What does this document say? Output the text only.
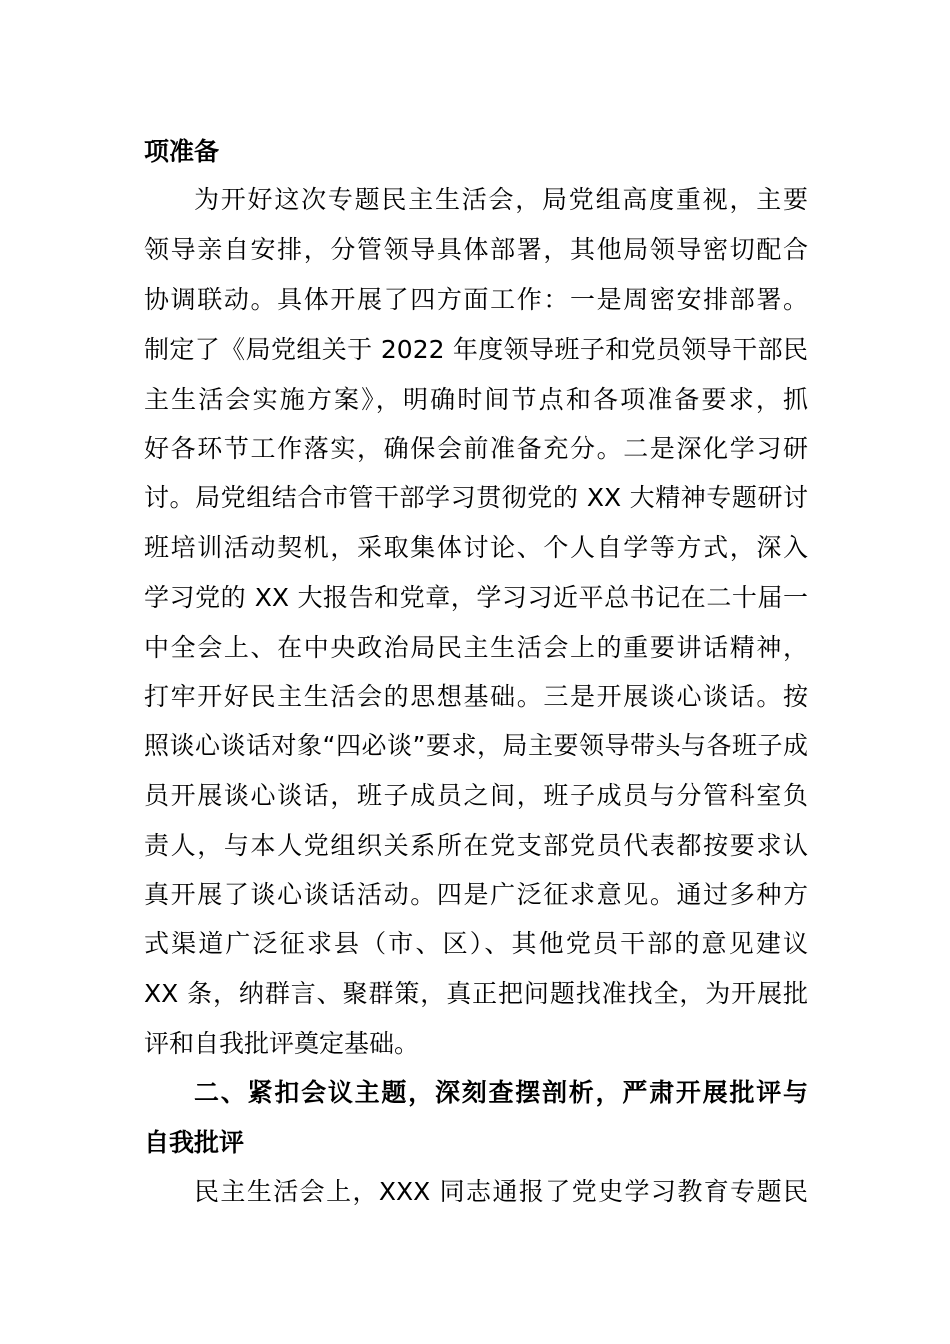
项准备
为开好这次专题民主生活会，局党组高度重视，主要
领导亲自安排，分管领导具体部署，其他局领导密切配合
协调联动。具体开展了四方面工作：一是周密安排部署。
制定了《局党组关于 2022 年度领导班子和党员领导干部民
主生活会实施方案》，明确时间节点和各项准备要求，抓
好各环节工作落实，确保会前准备充分。二是深化学习研
讨。局党组结合市管干部学习贯彻党的 XX 大精神专题研讨
班培训活动契机，采取集体讨论、个人自学等方式，深入
学习党的 XX 大报告和党章，学习习近平总书记在二十届一
中全会上、在中央政治局民主生活会上的重要讲话精神，
打牢开好民主生活会的思想基础。三是开展谈心谈话。按
照谈心谈话对象“四必谈”要求，局主要领导带头与各班子成
员开展谈心谈话，班子成员之间，班子成员与分管科室负
责人，与本人党组织关系所在党支部党员代表都按要求认
真开展了谈心谈话活动。四是广泛征求意见。通过多种方
式渠道广泛征求县（市、区）、其他党员干部的意见建议
XX 条，纳群言、聚群策，真正把问题找准找全，为开展批
评和自我批评奠定基础。
二、紧扣会议主题，深刻查摆剖析，严肃开展批评与
自我批评
民主生活会上，XXX 同志通报了党史学习教育专题民
